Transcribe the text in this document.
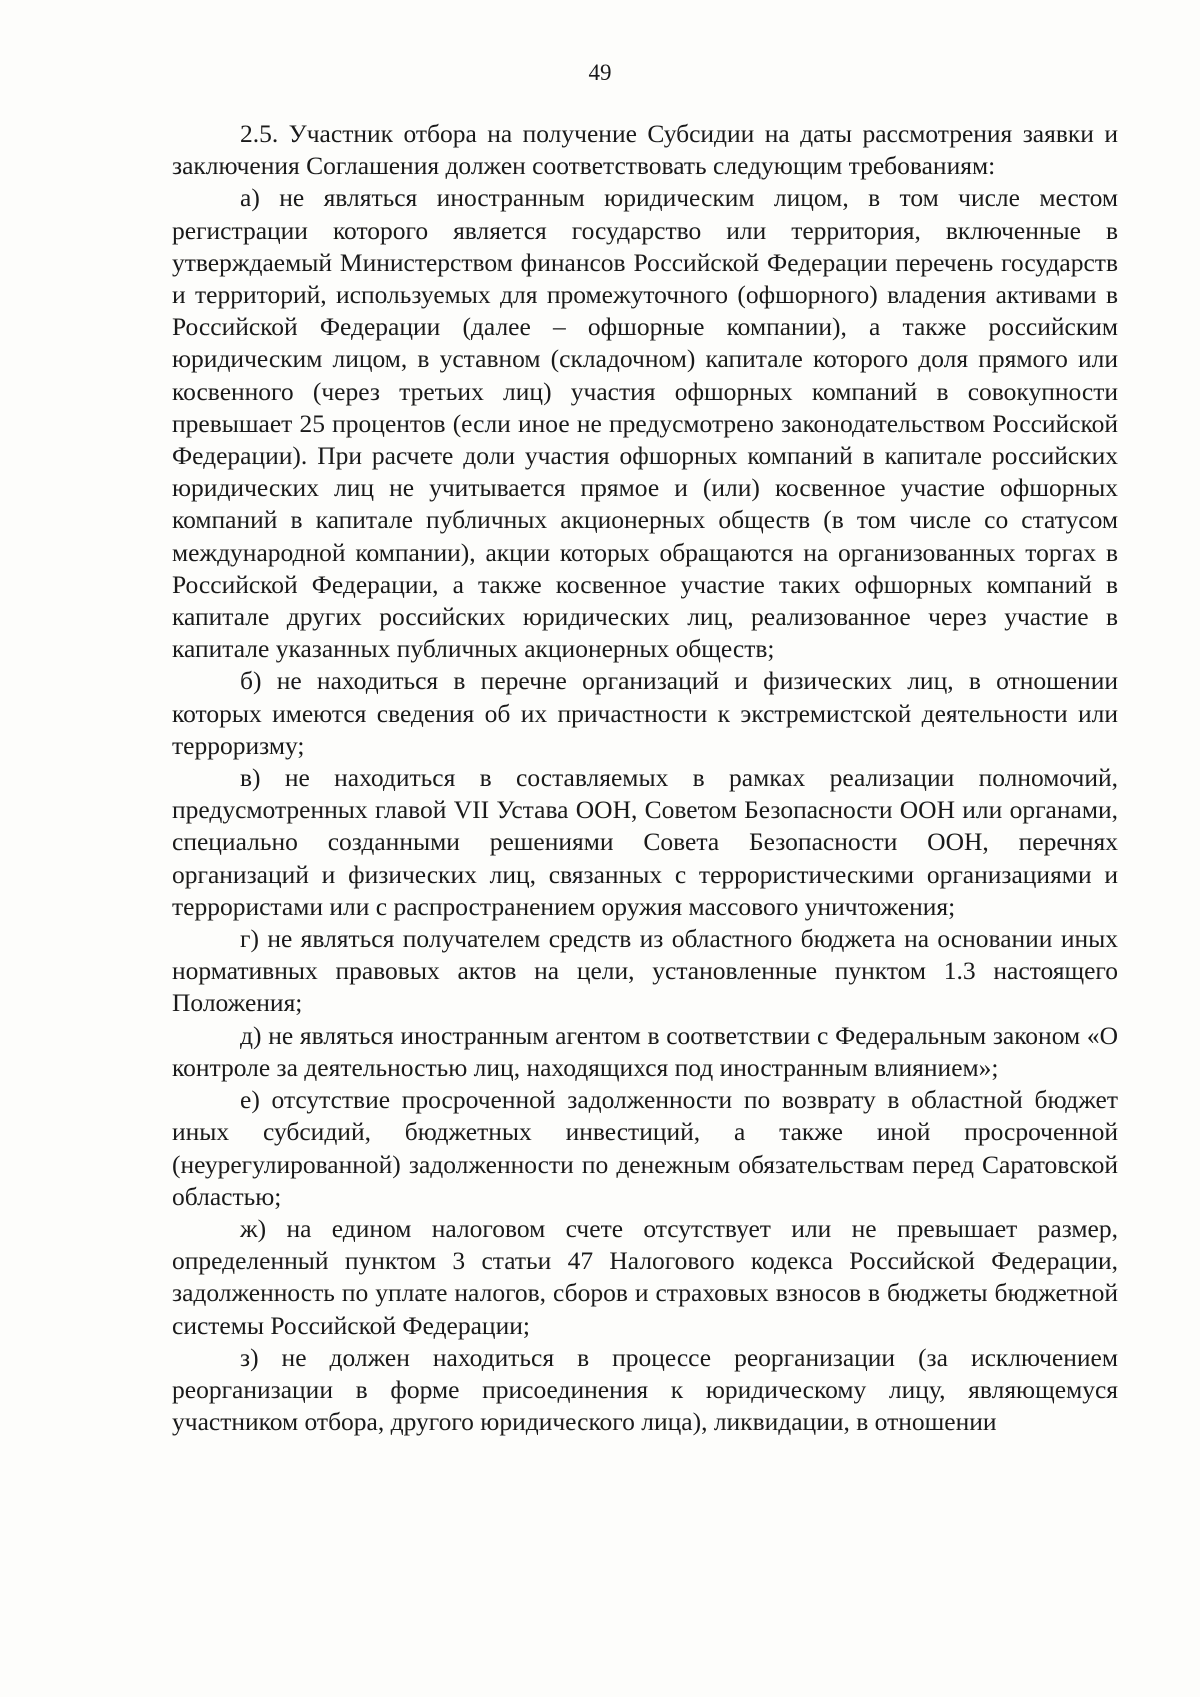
49

2.5. Участник отбора на получение Субсидии на даты рассмотрения заявки и заключения Соглашения должен соответствовать следующим требованиям:

а) не являться иностранным юридическим лицом, в том числе местом регистрации которого является государство или территория, включенные в утверждаемый Министерством финансов Российской Федерации перечень государств и территорий, используемых для промежуточного (офшорного) владения активами в Российской Федерации (далее – офшорные компании), а также российским юридическим лицом, в уставном (складочном) капитале которого доля прямого или косвенного (через третьих лиц) участия офшорных компаний в совокупности превышает 25 процентов (если иное не предусмотрено законодательством Российской Федерации). При расчете доли участия офшорных компаний в капитале российских юридических лиц не учитывается прямое и (или) косвенное участие офшорных компаний в капитале публичных акционерных обществ (в том числе со статусом международной компании), акции которых обращаются на организованных торгах в Российской Федерации, а также косвенное участие таких офшорных компаний в капитале других российских юридических лиц, реализованное через участие в капитале указанных публичных акционерных обществ;

б) не находиться в перечне организаций и физических лиц, в отношении которых имеются сведения об их причастности к экстремистской деятельности или терроризму;

в) не находиться в составляемых в рамках реализации полномочий, предусмотренных главой VII Устава ООН, Советом Безопасности ООН или органами, специально созданными решениями Совета Безопасности ООН, перечнях организаций и физических лиц, связанных с террористическими организациями и террористами или с распространением оружия массового уничтожения;

г) не являться получателем средств из областного бюджета на основании иных нормативных правовых актов на цели, установленные пунктом 1.3 настоящего Положения;

д) не являться иностранным агентом в соответствии с Федеральным законом «О контроле за деятельностью лиц, находящихся под иностранным влиянием»;

е) отсутствие просроченной задолженности по возврату в областной бюджет иных субсидий, бюджетных инвестиций, а также иной просроченной (неурегулированной) задолженности по денежным обязательствам перед Саратовской областью;

ж) на едином налоговом счете отсутствует или не превышает размер, определенный пунктом 3 статьи 47 Налогового кодекса Российской Федерации, задолженность по уплате налогов, сборов и страховых взносов в бюджеты бюджетной системы Российской Федерации;

з) не должен находиться в процессе реорганизации (за исключением реорганизации в форме присоединения к юридическому лицу, являющемуся участником отбора, другого юридического лица), ликвидации, в отношении
